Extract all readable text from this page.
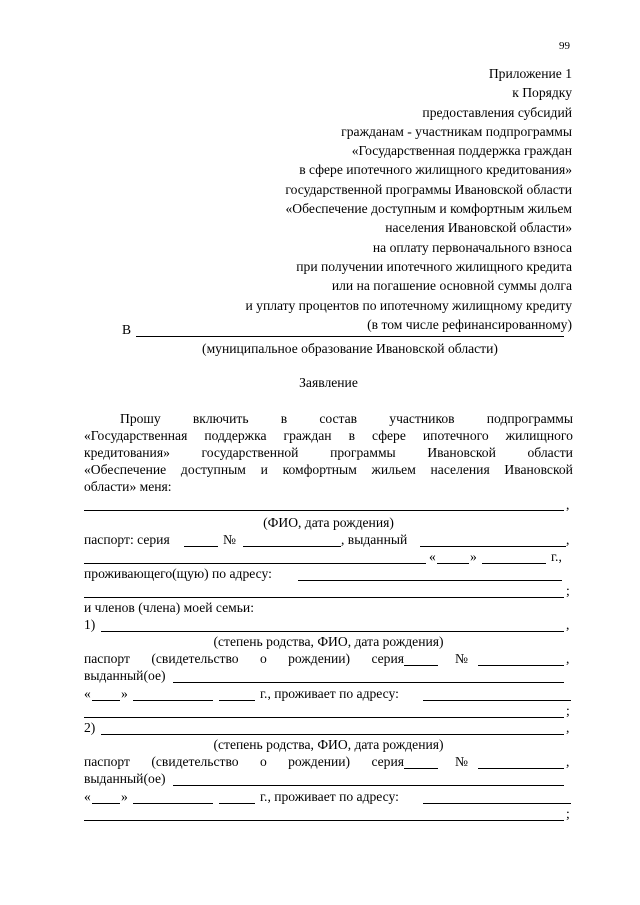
99
Приложение 1
к Порядку
предоставления субсидий
гражданам - участникам подпрограммы
«Государственная поддержка граждан
в сфере ипотечного жилищного кредитования»
государственной программы Ивановской области
«Обеспечение доступным и комфортным жильем
населения Ивановской области»
на оплату первоначального взноса
при получении ипотечного жилищного кредита
или на погашение основной суммы долга
и уплату процентов по ипотечному жилищному кредиту
(в том числе рефинансированному)
В
(муниципальное образование Ивановской области)
Заявление
Прошу включить в состав участников подпрограммы
«Государственная поддержка граждан в сфере ипотечного жилищного
кредитования» государственной программы Ивановской области
«Обеспечение доступным и комфортным жильем населения Ивановской
области» меня:
,
(ФИО, дата рождения)
паспорт: серия	№	, выданный	,
«	»	г.,
проживающего(щую) по адресу:
;
и членов (члена) моей семьи:
1)	,
(степень родства, ФИО, дата рождения)
паспорт (свидетельство о рождении) серия	№	,
выданный(ое)
« »	г., проживает по адресу:
;
2)	,
(степень родства, ФИО, дата рождения)
паспорт (свидетельство о рождении) серия	№	,
выданный(ое)
« »	г., проживает по адресу:
;
